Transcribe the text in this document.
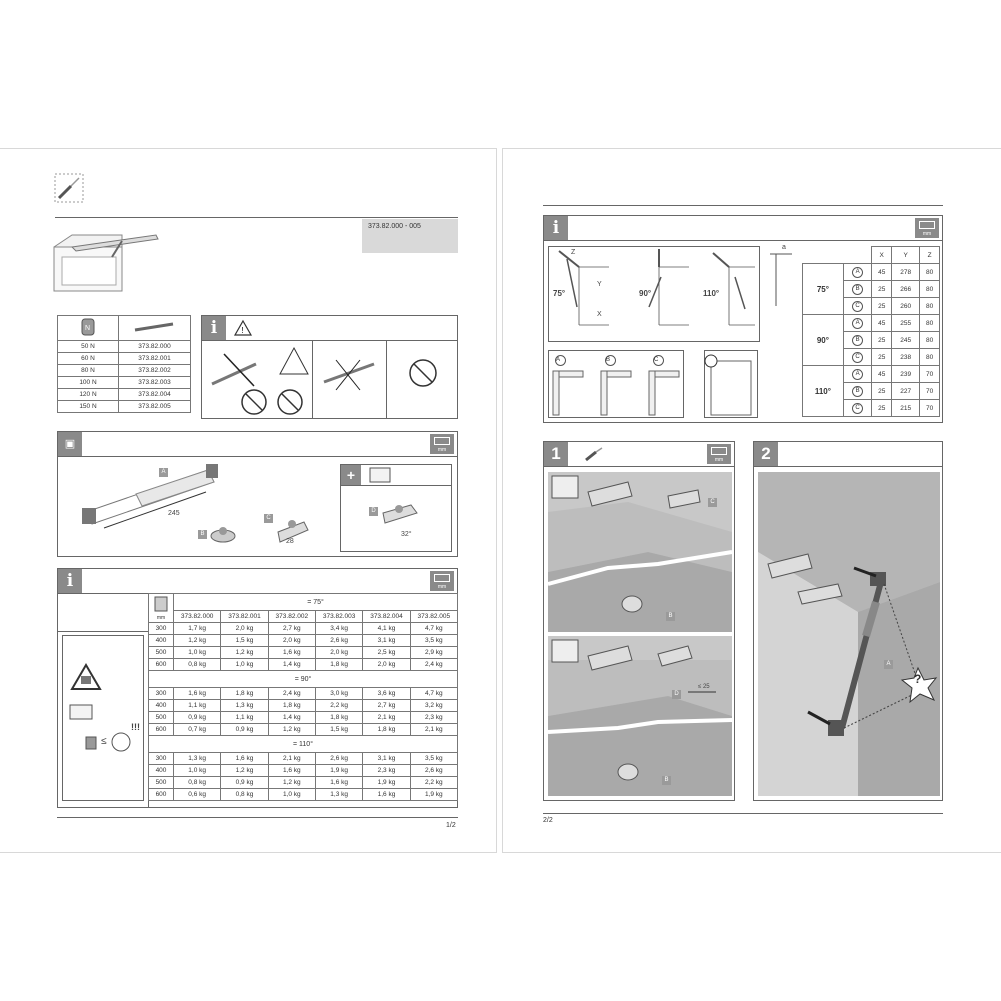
373.82.000 - 005
N

50 N	373.82.000
60 N	373.82.001
80 N	373.82.002
100 N	373.82.003
120 N	373.82.004
150 N	373.82.005
i	!
▣	mm
A
245
B
C
28
+
D
32°
i	mm
≤
!!!

mm	= 75°					
	373.82.000	373.82.001	373.82.002	373.82.003	373.82.004	373.82.005
300	1,7 kg	2,0 kg	2,7 kg	3,4 kg	4,1 kg	4,7 kg
400	1,2 kg	1,5 kg	2,0 kg	2,6 kg	3,1 kg	3,5 kg
500	1,0 kg	1,2 kg	1,6 kg	2,0 kg	2,5 kg	2,9 kg
600	0,8 kg	1,0 kg	1,4 kg	1,8 kg	2,0 kg	2,4 kg
= 90°						
300	1,6 kg	1,8 kg	2,4 kg	3,0 kg	3,6 kg	4,7 kg
400	1,1 kg	1,3 kg	1,8 kg	2,2 kg	2,7 kg	3,2 kg
500	0,9 kg	1,1 kg	1,4 kg	1,8 kg	2,1 kg	2,3 kg
600	0,7 kg	0,9 kg	1,2 kg	1,5 kg	1,8 kg	2,1 kg
= 110°						
300	1,3 kg	1,6 kg	2,1 kg	2,6 kg	3,1 kg	3,5 kg
400	1,0 kg	1,2 kg	1,6 kg	1,9 kg	2,3 kg	2,6 kg
500	0,8 kg	0,9 kg	1,2 kg	1,6 kg	1,9 kg	2,2 kg
600	0,6 kg	0,8 kg	1,0 kg	1,3 kg	1,6 kg	1,9 kg
1/2
i	mm
75°	90°	110°
X
Y
Z
a
A	B	C
		X	Y	Z
75°	A	45	278	80
	B	25	266	80
	C	25	260	80
90°	A	45	255	80
	B	25	245	80
	C	25	238	80
110°	A	45	239	70
	B	25	227	70
	C	25	215	70
1	mm
C
B
D
≤ 25
B
2
A
?
2/2
